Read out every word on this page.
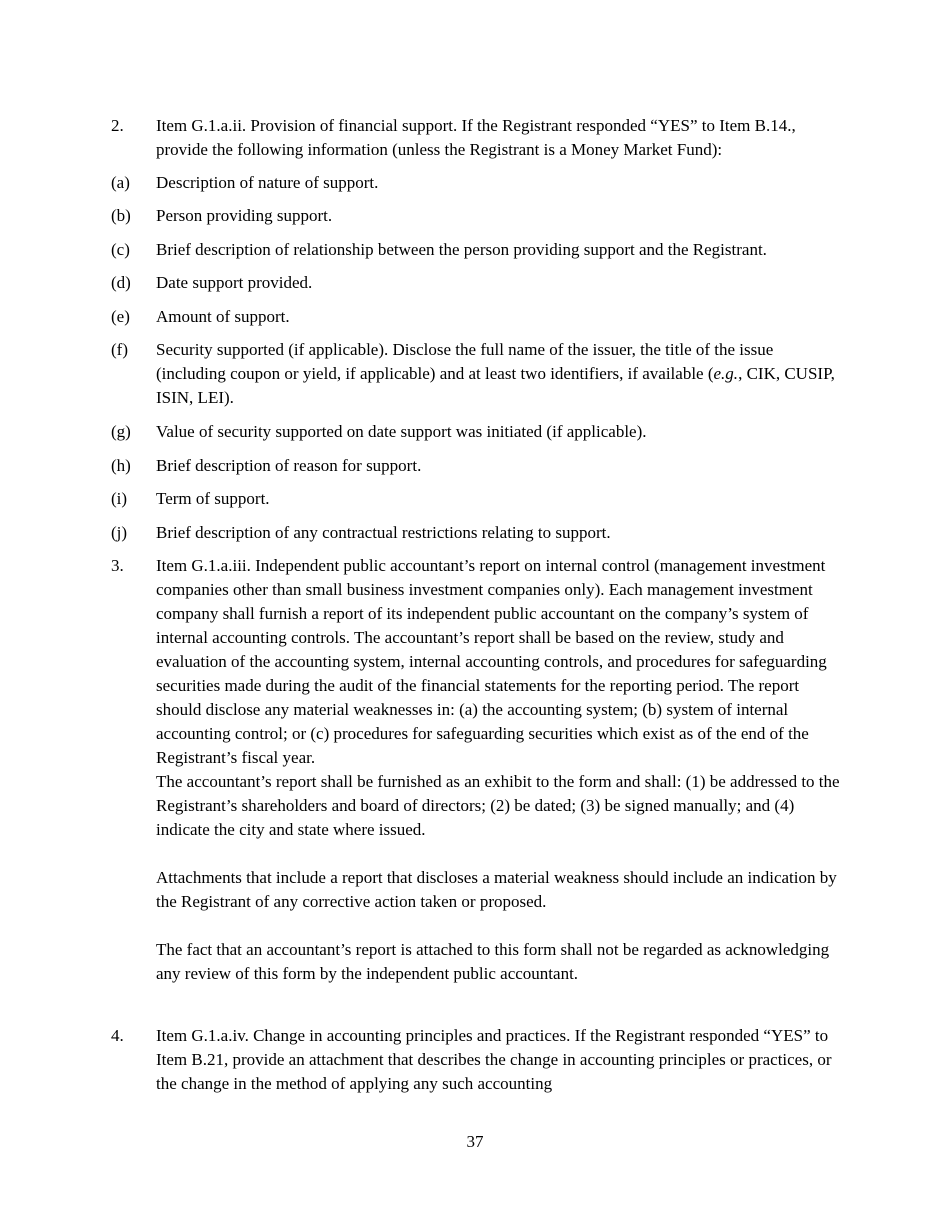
2.	Item G.1.a.ii. Provision of financial support. If the Registrant responded “YES” to Item B.14., provide the following information (unless the Registrant is a Money Market Fund):
(a)	Description of nature of support.
(b)	Person providing support.
(c)	Brief description of relationship between the person providing support and the Registrant.
(d)	Date support provided.
(e)	Amount of support.
(f)	Security supported (if applicable). Disclose the full name of the issuer, the title of the issue (including coupon or yield, if applicable) and at least two identifiers, if available (e.g., CIK, CUSIP, ISIN, LEI).
(g)	Value of security supported on date support was initiated (if applicable).
(h)	Brief description of reason for support.
(i)	Term of support.
(j)	Brief description of any contractual restrictions relating to support.
3.	Item G.1.a.iii. Independent public accountant’s report on internal control (management investment companies other than small business investment companies only). Each management investment company shall furnish a report of its independent public accountant on the company’s system of internal accounting controls. The accountant’s report shall be based on the review, study and evaluation of the accounting system, internal accounting controls, and procedures for safeguarding securities made during the audit of the financial statements for the reporting period. The report should disclose any material weaknesses in: (a) the accounting system; (b) system of internal accounting control; or (c) procedures for safeguarding securities which exist as of the end of the Registrant’s fiscal year.

The accountant’s report shall be furnished as an exhibit to the form and shall: (1) be addressed to the Registrant’s shareholders and board of directors; (2) be dated; (3) be signed manually; and (4) indicate the city and state where issued.

Attachments that include a report that discloses a material weakness should include an indication by the Registrant of any corrective action taken or proposed.

The fact that an accountant’s report is attached to this form shall not be regarded as acknowledging any review of this form by the independent public accountant.

4.	Item G.1.a.iv. Change in accounting principles and practices. If the Registrant responded “YES” to Item B.21, provide an attachment that describes the change in accounting principles or practices, or the change in the method of applying any such accounting
37
